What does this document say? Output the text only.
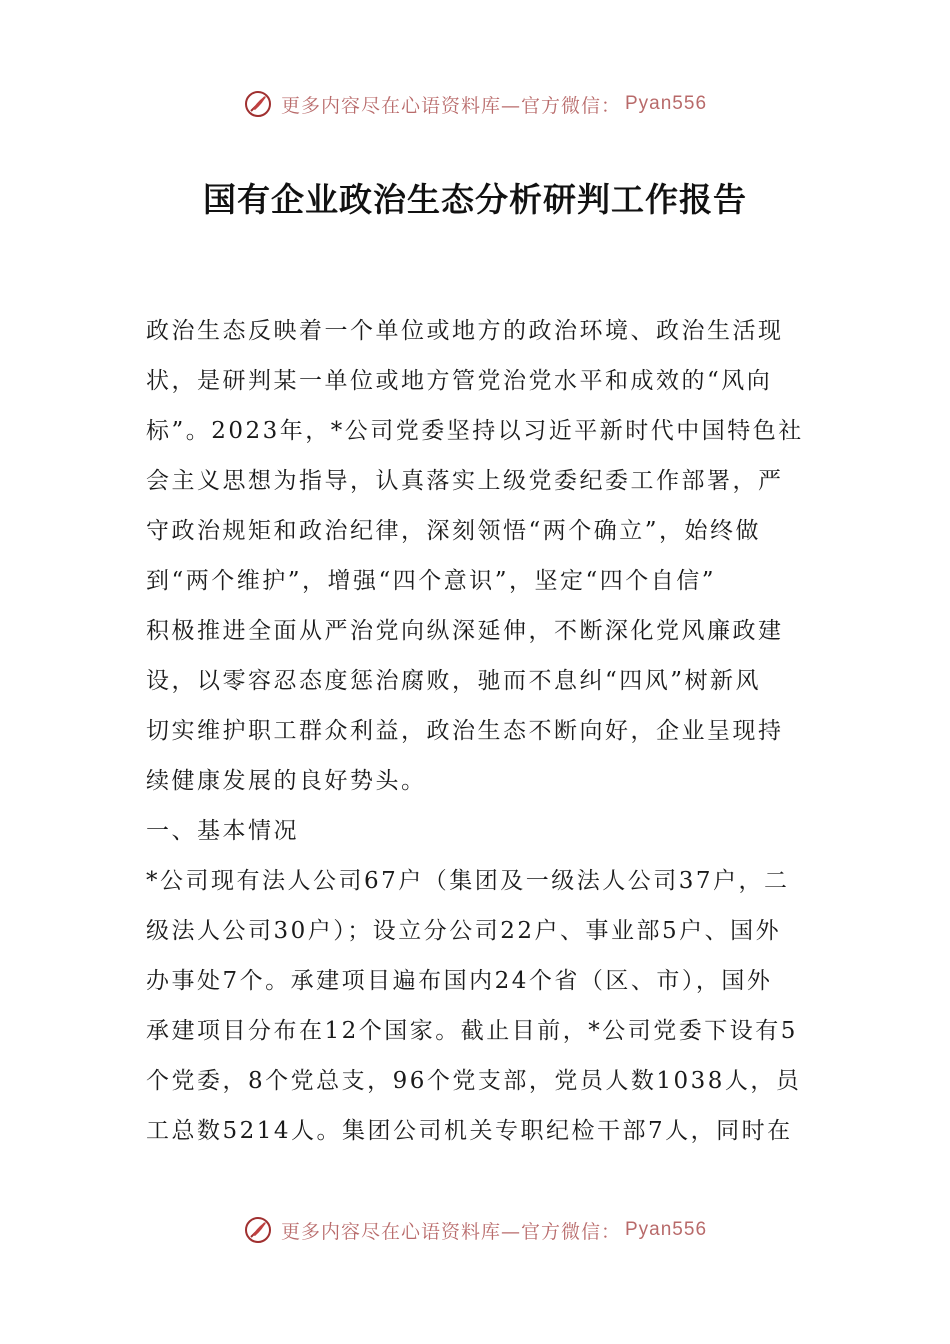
更多内容尽在心语资料库—官方微信： Pyan556
国有企业政治生态分析研判工作报告

政治生态反映着一个单位或地方的政治环境、政治生活现
状，是研判某一单位或地方管党治党水平和成效的“风向
标”。2023年，*公司党委坚持以习近平新时代中国特色社
会主义思想为指导，认真落实上级党委纪委工作部署，严
守政治规矩和政治纪律，深刻领悟“两个确立”，始终做
到“两个维护”，增强“四个意识”，坚定“四个自信”
积极推进全面从严治党向纵深延伸，不断深化党风廉政建
设，以零容忍态度惩治腐败，驰而不息纠“四风”树新风
切实维护职工群众利益，政治生态不断向好，企业呈现持
续健康发展的良好势头。

一、基本情况

*公司现有法人公司67户（集团及一级法人公司37户，二
级法人公司30户）；设立分公司22户、事业部5户、国外
办事处7个。承建项目遍布国内24个省（区、市），国外
承建项目分布在12个国家。截止目前，*公司党委下设有5
个党委，8个党总支，96个党支部，党员人数1038人，员
工总数5214人。集团公司机关专职纪检干部7人，同时在

更多内容尽在心语资料库—官方微信： Pyan556
